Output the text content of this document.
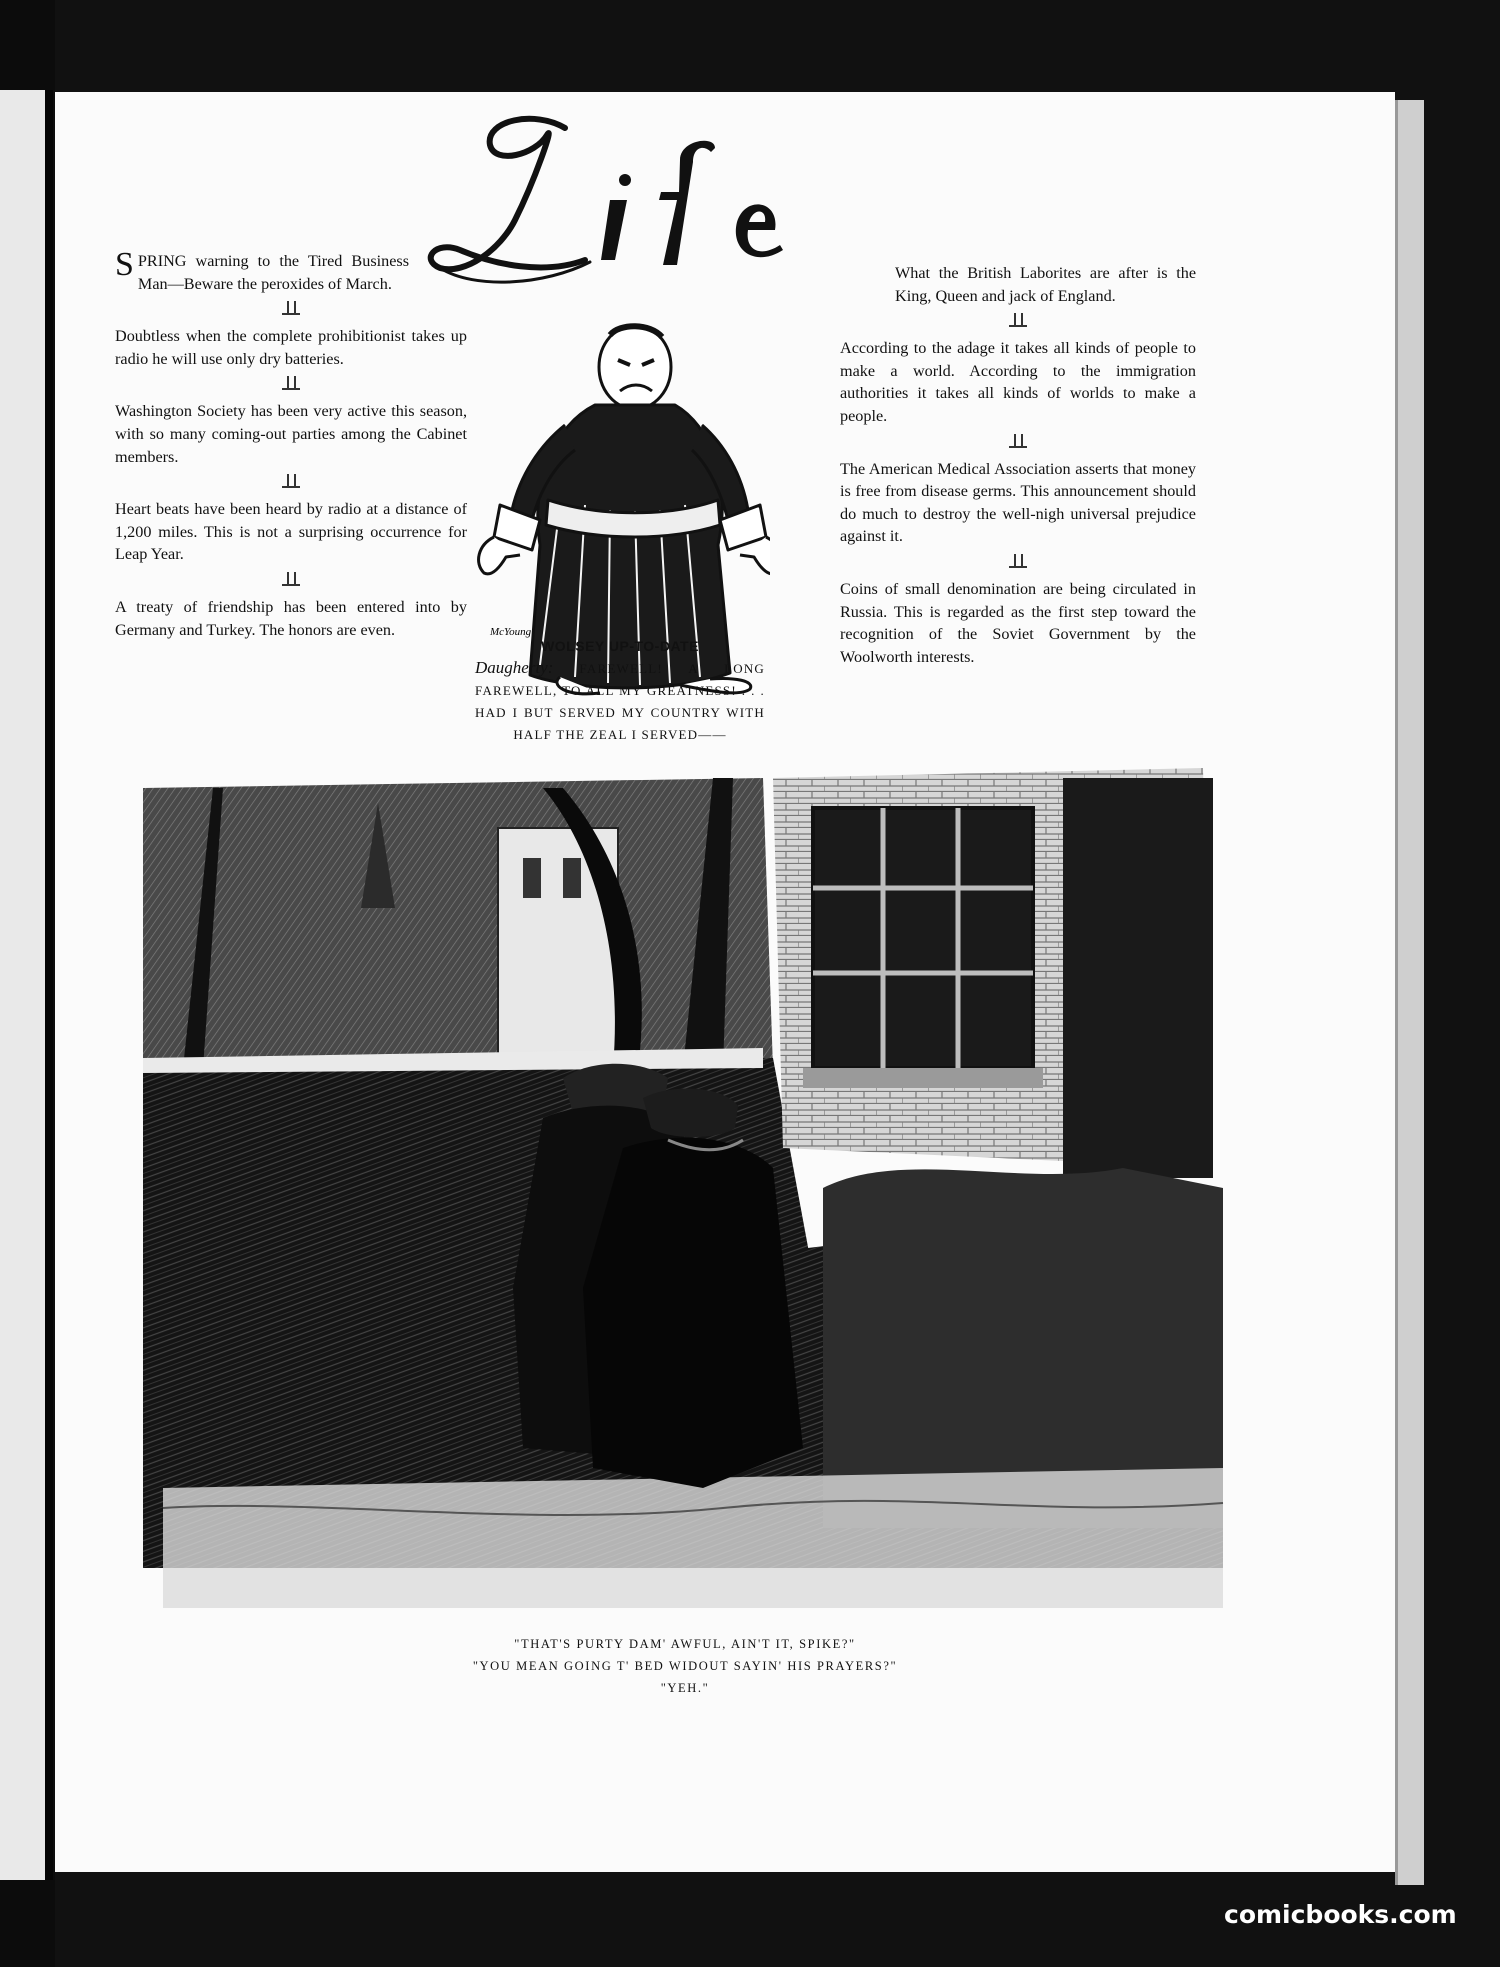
S PRING warning to the Tired Business Man—Beware the peroxides of March.

Doubtless when the complete prohibitionist takes up radio he will use only dry batteries.

Washington Society has been very active this season, with so many coming-out parties among the Cabinet members.

Heart beats have been heard by radio at a distance of 1,200 miles. This is not a surprising occurrence for Leap Year.

A treaty of friendship has been entered into by Germany and Turkey. The honors are even.	McYoung
WOLSEY UP-TO-DATE
Daugherty: FAREWELL! A LONG FAREWELL, TO ALL MY GREATNESS! . . . HAD I BUT SERVED MY COUNTRY WITH HALF THE ZEAL I SERVED——

What the British Laborites are after is the King, Queen and jack of England.

According to the adage it takes all kinds of people to make a world. According to the immigration authorities it takes all kinds of worlds to make a people.

The American Medical Association asserts that money is free from disease germs. This announcement should do much to destroy the well-nigh universal prejudice against it.

Coins of small denomination are being circulated in Russia. This is regarded as the first step toward the recognition of the Soviet Government by the Woolworth interests.

"THAT'S PURTY DAM' AWFUL, AIN'T IT, SPIKE?"

"YOU MEAN GOING T' BED WIDOUT SAYIN' HIS PRAYERS?"

"YEH."

comicbooks.com
